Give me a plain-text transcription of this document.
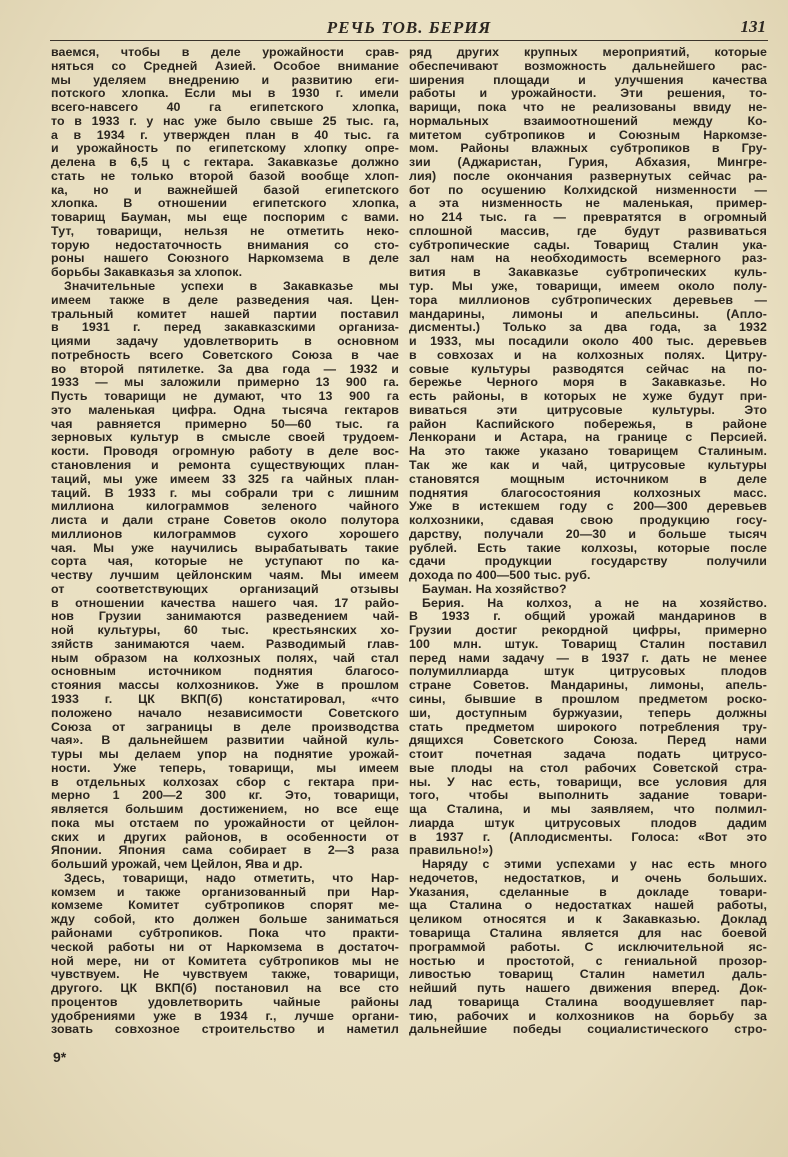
РЕЧЬ ТОВ. БЕРИЯ	131
ваемся, чтобы в деле урожайности срав-
няться со Средней Азией. Особое внимание
мы уделяем внедрению и развитию еги-
потского хлопка. Если мы в 1930 г. имели
всего-навсего 40 га египетского хлопка,
то в 1933 г. у нас уже было свыше 25 тыс. га,
а в 1934 г. утвержден план в 40 тыс. га
и урожайность по египетскому хлопку опре-
делена в 6,5 ц с гектара. Закавказье должно
стать не только второй базой вообще хлоп-
ка, но и важнейшей базой египетского
хлопка. В отношении египетского хлопка,
товарищ Бауман, мы еще поспорим с вами.
Тут, товарищи, нельзя не отметить неко-
торую недостаточность внимания со сто-
роны нашего Союзного Наркомзема в деле
борьбы Закавказья за хлопок.
Значительные успехи в Закавказье мы
имеем также в деле разведения чая. Цен-
тральный комитет нашей партии поставил
в 1931 г. перед закавказскими организа-
циями задачу удовлетворить в основном
потребность всего Советского Союза в чае
во второй пятилетке. За два года — 1932 и
1933 — мы заложили примерно 13 900 га.
Пусть товарищи не думают, что 13 900 га
это маленькая цифра. Одна тысяча гектаров
чая равняется примерно 50—60 тыс. га
зерновых культур в смысле своей трудоем-
кости. Проводя огромную работу в деле вос-
становления и ремонта существующих план-
таций, мы уже имеем 33 325 га чайных план-
таций. В 1933 г. мы собрали три с лишним
миллиона килограммов зеленого чайного
листа и дали стране Советов около полутора
миллионов килограммов сухого хорошего
чая. Мы уже научились вырабатывать такие
сорта чая, которые не уступают по ка-
честву лучшим цейлонским чаям. Мы имеем
от соответствующих организаций отзывы
в отношении качества нашего чая. 17 райо-
нов Грузии занимаются разведением чай-
ной культуры, 60 тыс. крестьянских хо-
зяйств занимаются чаем. Разводимый глав-
ным образом на колхозных полях, чай стал
основным источником поднятия благосо-
стояния массы колхозников. Уже в прошлом
1933 г. ЦК ВКП(б) констатировал, «что
положено начало независимости Советского
Союза от заграницы в деле производства
чая». В дальнейшем развитии чайной куль-
туры мы делаем упор на поднятие урожай-
ности. Уже теперь, товарищи, мы имеем
в отдельных колхозах сбор с гектара при-
мерно 1 200—2 300 кг. Это, товарищи,
является большим достижением, но все еще
пока мы отстаем по урожайности от цейлон-
ских и других районов, в особенности от
Японии. Япония сама собирает в 2—3 раза
больший урожай, чем Цейлон, Ява и др.
Здесь, товарищи, надо отметить, что Нар-
комзем и также организованный при Нар-
комземе Комитет субтропиков спорят ме-
жду собой, кто должен больше заниматься
районами субтропиков. Пока что практи-
ческой работы ни от Наркомзема в достаточ-
ной мере, ни от Комитета субтропиков мы не
чувствуем. Не чувствуем также, товарищи,
другого. ЦК ВКП(б) постановил на все сто
процентов удовлетворить чайные районы
удобрениями уже в 1934 г., лучше органи-
зовать совхозное строительство и наметил
ряд других крупных мероприятий, которые
обеспечивают возможность дальнейшего рас-
ширения площади и улучшения качества
работы и урожайности. Эти решения, то-
варищи, пока что не реализованы ввиду не-
нормальных взаимоотношений между Ко-
митетом субтропиков и Союзным Наркомзе-
мом. Районы влажных субтропиков в Гру-
зии (Аджаристан, Гурия, Абхазия, Мингре-
лия) после окончания развернутых сейчас ра-
бот по осушению Колхидской низменности —
а эта низменность не маленькая, пример-
но 214 тыс. га — превратятся в огромный
сплошной массив, где будут развиваться
субтропические сады. Товарищ Сталин ука-
зал нам на необходимость всемерного раз-
вития в Закавказье субтропических куль-
тур. Мы уже, товарищи, имеем около полу-
тора миллионов субтропических деревьев —
мандарины, лимоны и апельсины. (Апло-
дисменты.) Только за два года, за 1932
и 1933, мы посадили около 400 тыс. деревьев
в совхозах и на колхозных полях. Цитру-
совые культуры разводятся сейчас на по-
бережье Черного моря в Закавказье. Но
есть районы, в которых не хуже будут при-
виваться эти цитрусовые культуры. Это
район Каспийского побережья, в районе
Ленкорани и Астара, на границе с Персией.
На это также указано товарищем Сталиным.
Так же как и чай, цитрусовые культуры
становятся мощным источником в деле
поднятия благосостояния колхозных масс.
Уже в истекшем году с 200—300 деревьев
колхозники, сдавая свою продукцию госу-
дарству, получали 20—30 и больше тысяч
рублей. Есть такие колхозы, которые после
сдачи продукции государству получили
дохода по 400—500 тыс. руб.
Бауман. На хозяйство?
Берия. На колхоз, а не на хозяйство.
В 1933 г. общий урожай мандаринов в
Грузии достиг рекордной цифры, примерно
100 млн. штук. Товарищ Сталин поставил
перед нами задачу — в 1937 г. дать не менее
полумиллиарда штук цитрусовых плодов
стране Советов. Мандарины, лимоны, апель-
сины, бывшие в прошлом предметом роско-
ши, доступным буржуазии, теперь должны
стать предметом широкого потребления тру-
дящихся Советского Союза. Перед нами
стоит почетная задача подать цитрусо-
вые плоды на стол рабочих Советской стра-
ны. У нас есть, товарищи, все условия для
того, чтобы выполнить задание товари-
ща Сталина, и мы заявляем, что полмил-
лиарда штук цитрусовых плодов дадим
в 1937 г. (Аплодисменты. Голоса: «Вот это
правильно!»)
Наряду с этими успехами у нас есть много
недочетов, недостатков, и очень больших.
Указания, сделанные в докладе товари-
ща Сталина о недостатках нашей работы,
целиком относятся и к Закавказью. Доклад
товарища Сталина является для нас боевой
программой работы. С исключительной яс-
ностью и простотой, с гениальной прозор-
ливостью товарищ Сталин наметил даль-
нейший путь нашего движения вперед. Док-
лад товарища Сталина воодушевляет пар-
тию, рабочих и колхозников на борьбу за
дальнейшие победы социалистического стро-
9*
